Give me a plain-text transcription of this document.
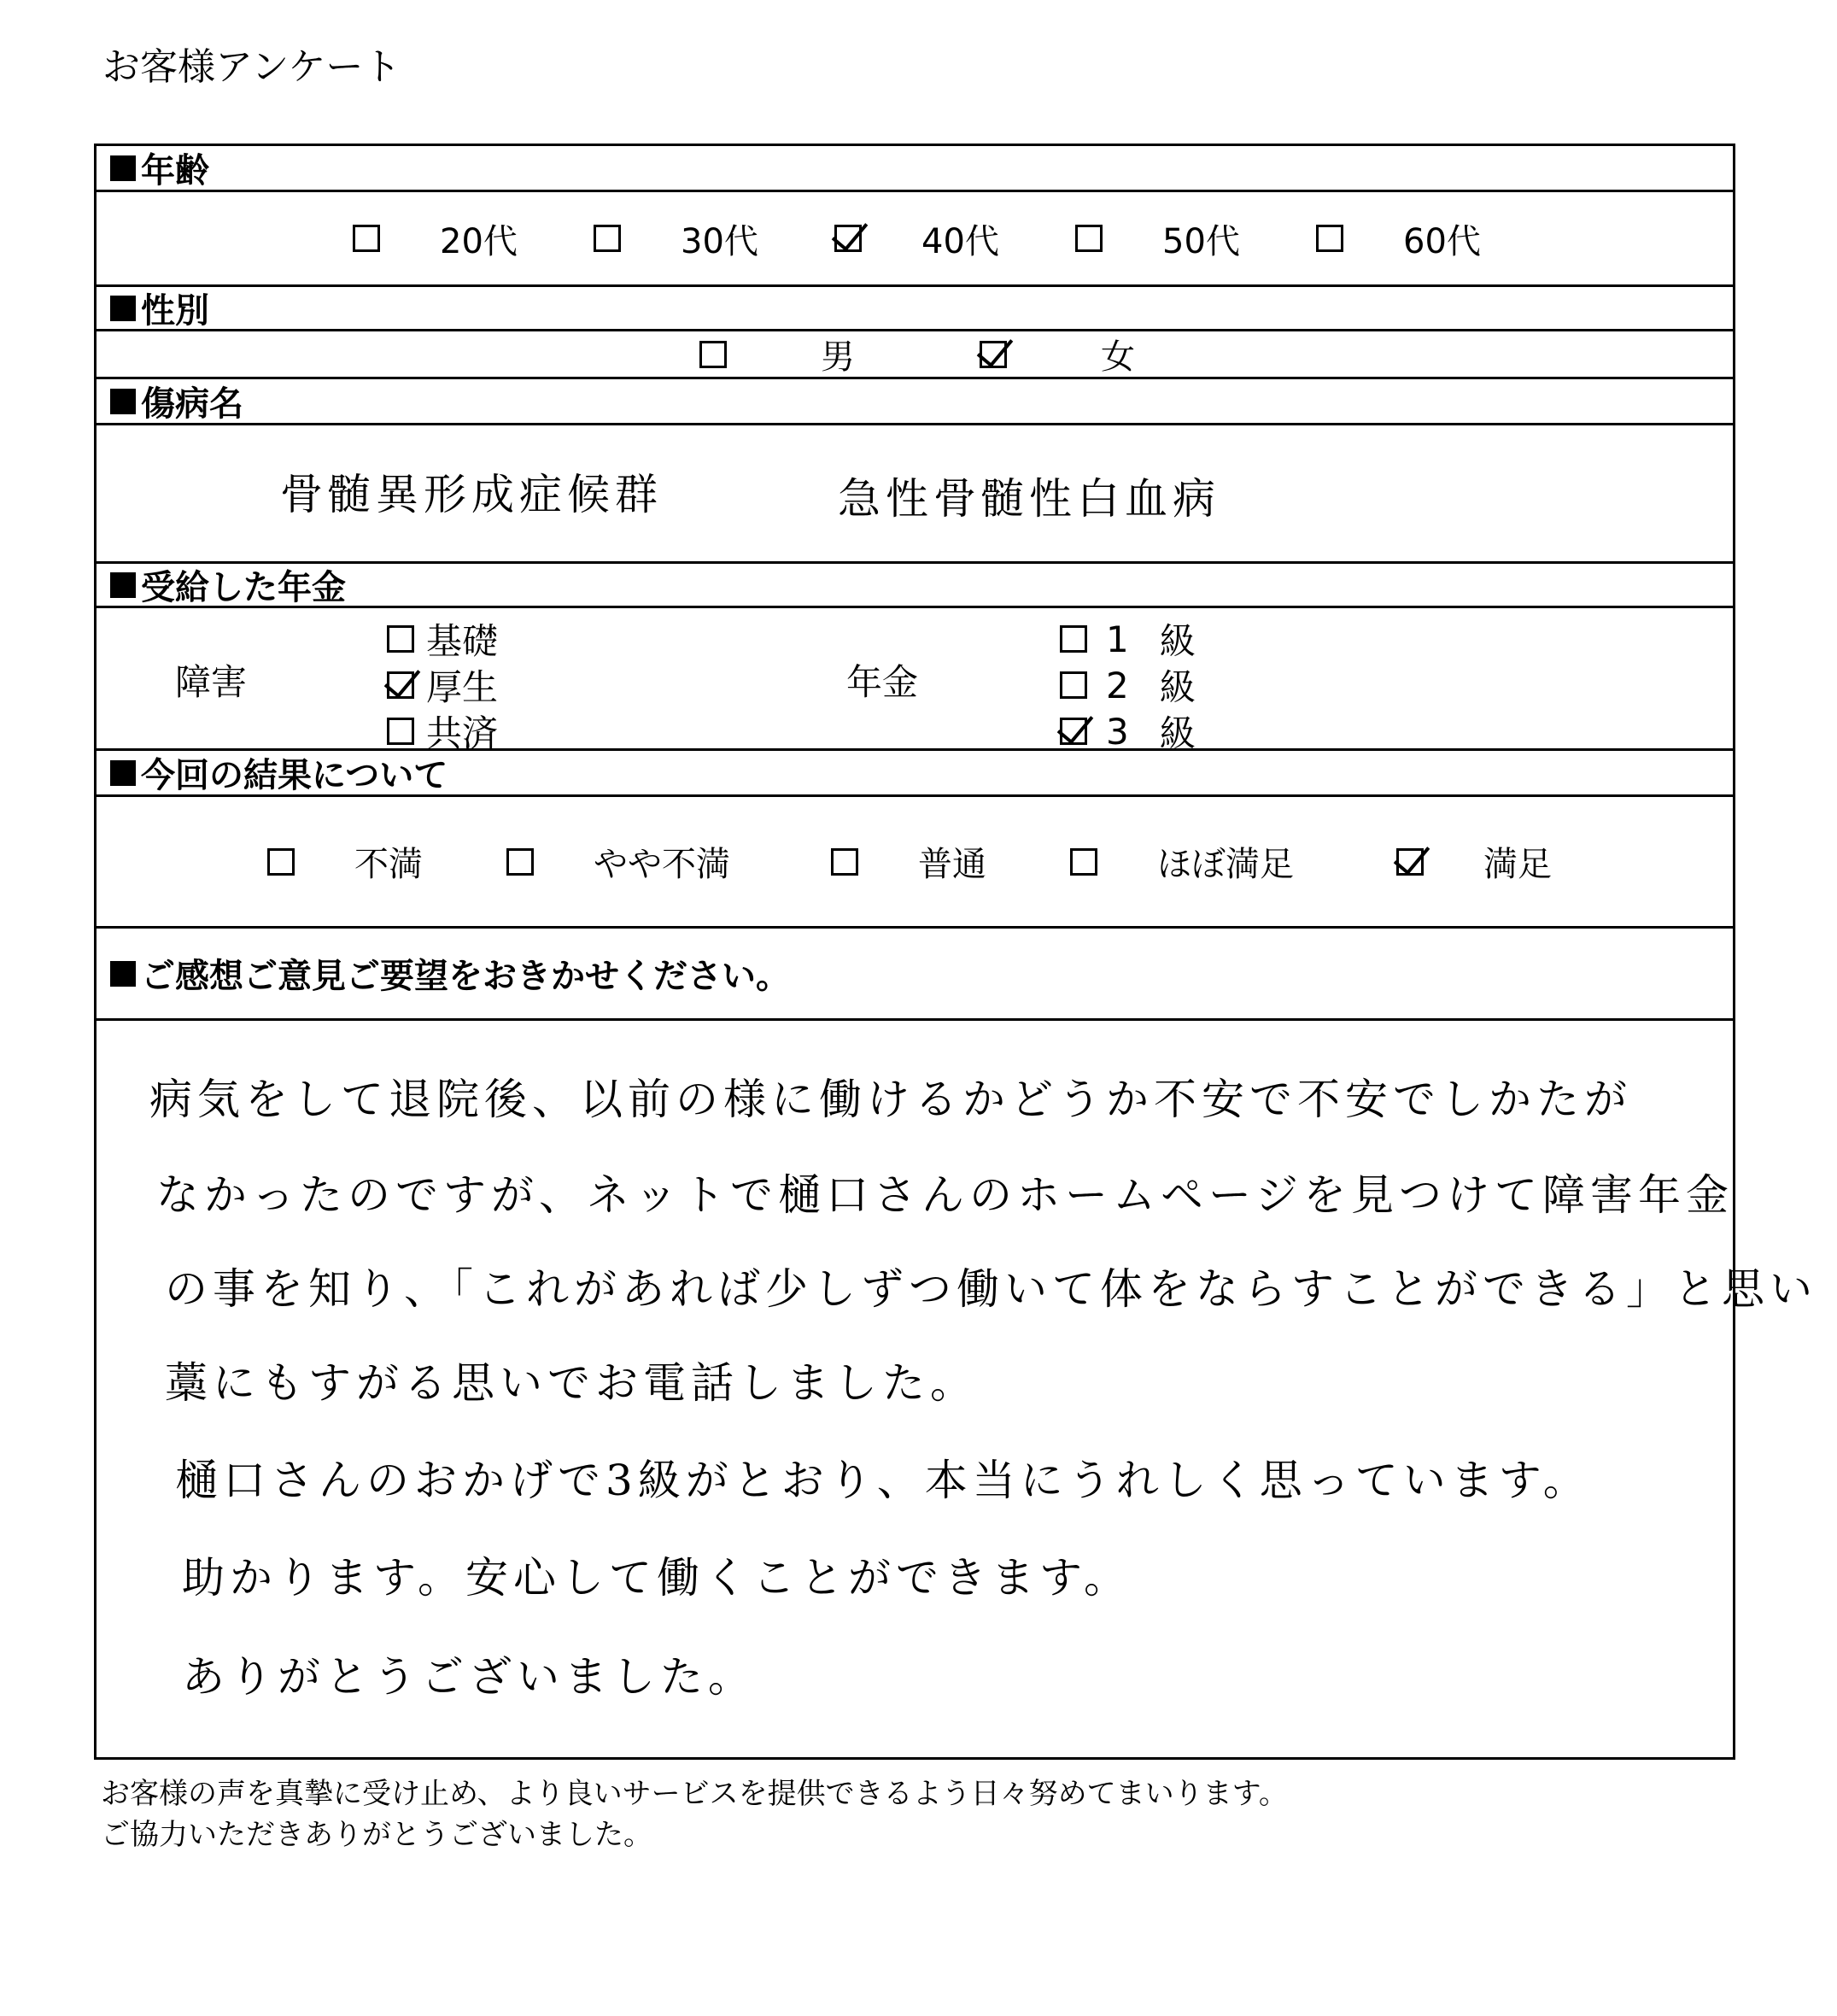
お客様アンケート
年齢
20代	30代	40代	50代	60代
性別
男	女
傷病名
骨髄異形成症候群	急性骨髄性白血病
受給した年金
障害
基礎
厚生
共済
年金
1 級
2 級
3 級
今回の結果について
不満	やや不満	普通	ほぼ満足	満足
ご感想ご意見ご要望をおきかせください。
病気をして退院後、以前の様に働けるかどうか不安で不安でしかたが
なかったのですが、ネットで樋口さんのホームページを見つけて障害年金
の事を知り、「これがあれば少しずつ働いて体をならすことができる」と思い
藁にもすがる思いでお電話しました。
樋口さんのおかげで3級がとおり、本当にうれしく思っています。
助かります。安心して働くことができます。
ありがとうございました。
お客様の声を真摯に受け止め、より良いサービスを提供できるよう日々努めてまいります。
ご協力いただきありがとうございました。
